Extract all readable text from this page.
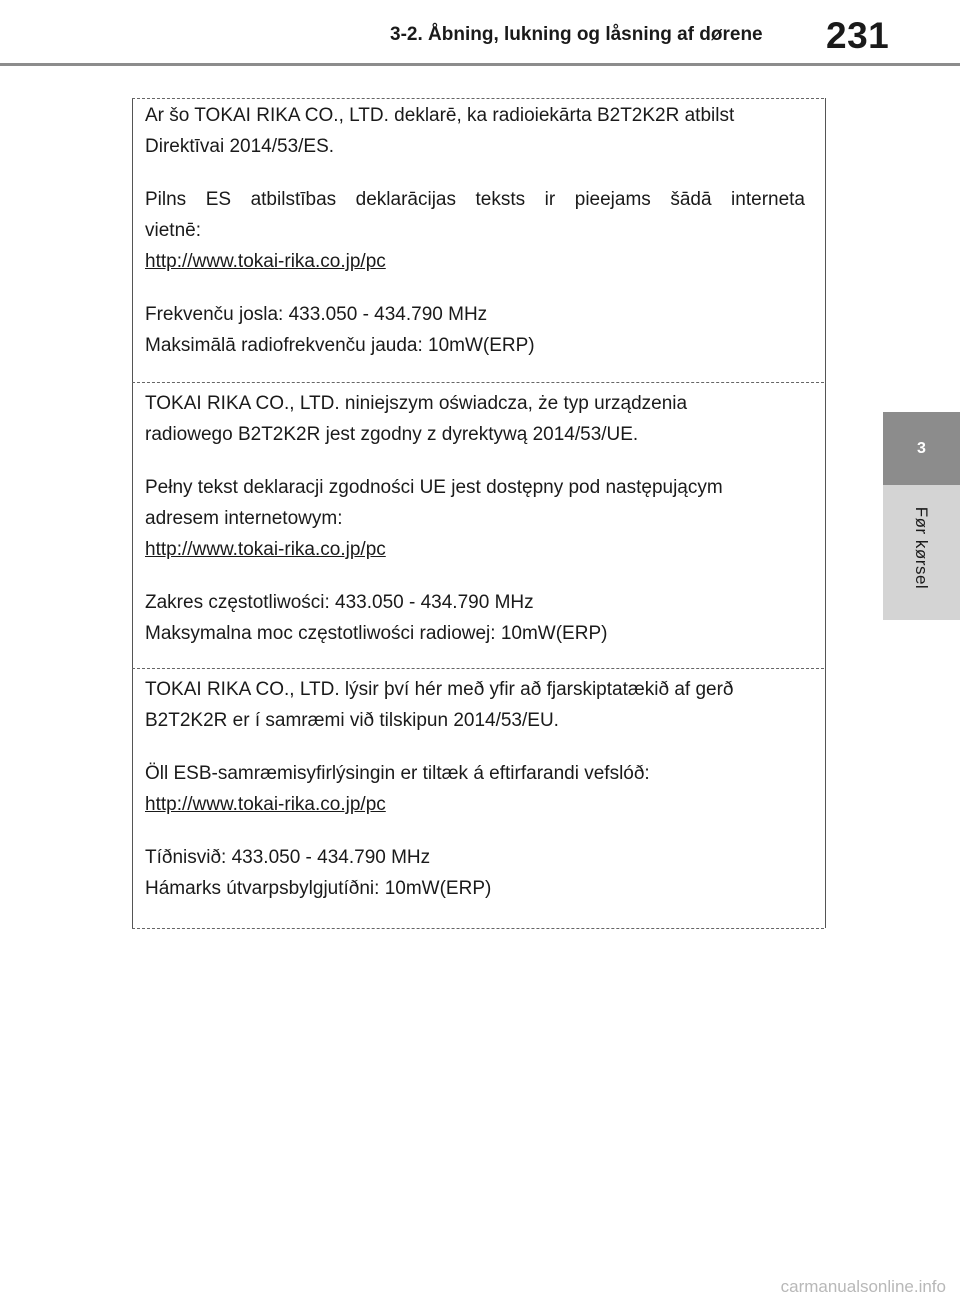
3-2. Åbning, lukning og låsning af dørene 231
3
Før kørsel

Ar šo TOKAI RIKA CO., LTD. deklarē, ka radioiekārta B2T2K2R atbilst

Direktīvai 2014/53/ES.

Pilns ES atbilstības deklarācijas teksts ir pieejams šādā interneta

vietnē:

http://www.tokai-rika.co.jp/pc

Frekvenču josla: 433.050 - 434.790 MHz

Maksimālā radiofrekvenču jauda: 10mW(ERP)

TOKAI RIKA CO., LTD. niniejszym oświadcza, że typ urządzenia

radiowego B2T2K2R jest zgodny z dyrektywą 2014/53/UE.

Pełny tekst deklaracji zgodności UE jest dostępny pod następującym

adresem internetowym:

http://www.tokai-rika.co.jp/pc

Zakres częstotliwości: 433.050 - 434.790 MHz

Maksymalna moc częstotliwości radiowej: 10mW(ERP)

TOKAI RIKA CO., LTD. lýsir því hér með yfir að fjarskiptatækið af gerð

B2T2K2R er í samræmi við tilskipun 2014/53/EU.

Öll ESB-samræmisyfirlýsingin er tiltæk á eftirfarandi vefslóð:

http://www.tokai-rika.co.jp/pc

Tíðnisvið: 433.050 - 434.790 MHz

Hámarks útvarpsbylgjutíðni: 10mW(ERP)

carmanualsonline.info
